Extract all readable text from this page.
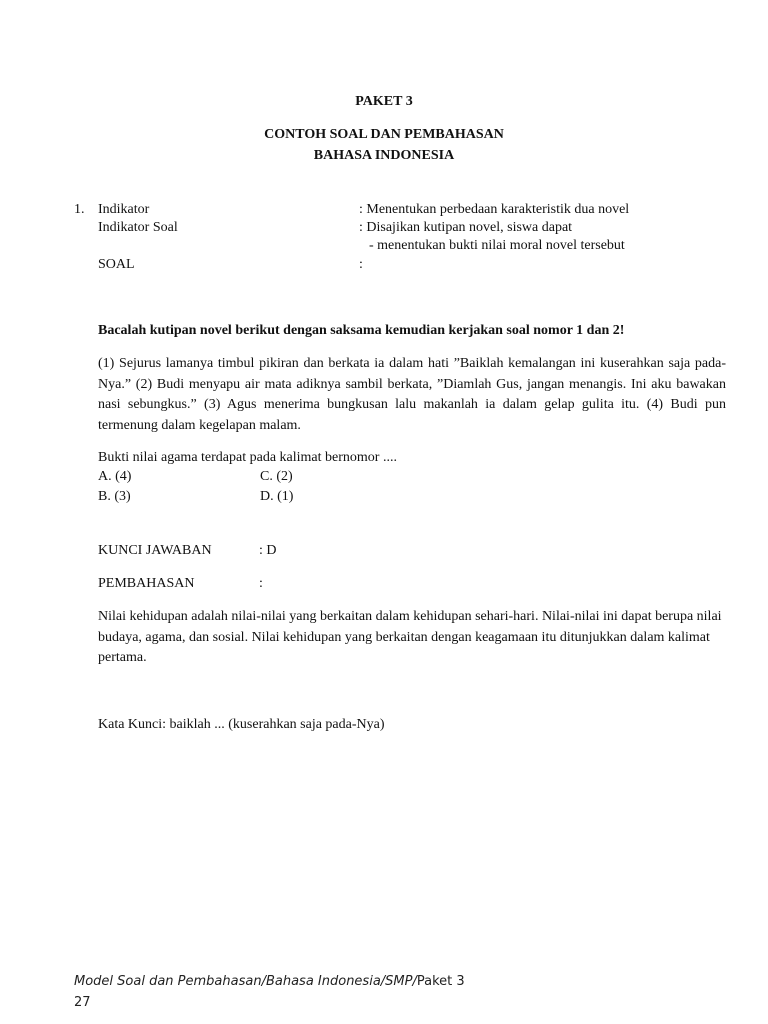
PAKET 3
CONTOH SOAL DAN PEMBAHASAN
BAHASA INDONESIA
1. Indikator	: Menentukan perbedaan karakteristik dua novel
Indikator Soal	: Disajikan kutipan novel, siswa dapat
- menentukan bukti nilai moral novel tersebut
SOAL	:
Bacalah kutipan novel berikut dengan saksama kemudian kerjakan soal nomor 1 dan 2!

(1) Sejurus lamanya timbul pikiran dan berkata ia dalam hati ”Baiklah kemalangan ini kuserahkan saja pada-Nya.” (2) Budi menyapu air mata adiknya sambil berkata, ”Diamlah Gus, jangan menangis. Ini aku bawakan nasi sebungkus.” (3) Agus menerima bungkusan lalu makanlah ia dalam gelap gulita itu. (4) Budi pun termenung dalam kegelapan malam.

Bukti nilai agama terdapat pada kalimat bernomor ....
A. (4)	C. (2)
B. (3)	D. (1)
KUNCI JAWABAN	: D
PEMBAHASAN	:

Nilai kehidupan adalah nilai-nilai yang berkaitan dalam kehidupan sehari-hari. Nilai-nilai ini dapat berupa nilai budaya, agama, dan sosial. Nilai kehidupan yang berkaitan dengan keagamaan itu ditunjukkan dalam kalimat pertama.

Kata Kunci: baiklah ... (kuserahkan saja pada-Nya)
Model Soal dan Pembahasan/Bahasa Indonesia/SMP/Paket 3
27
